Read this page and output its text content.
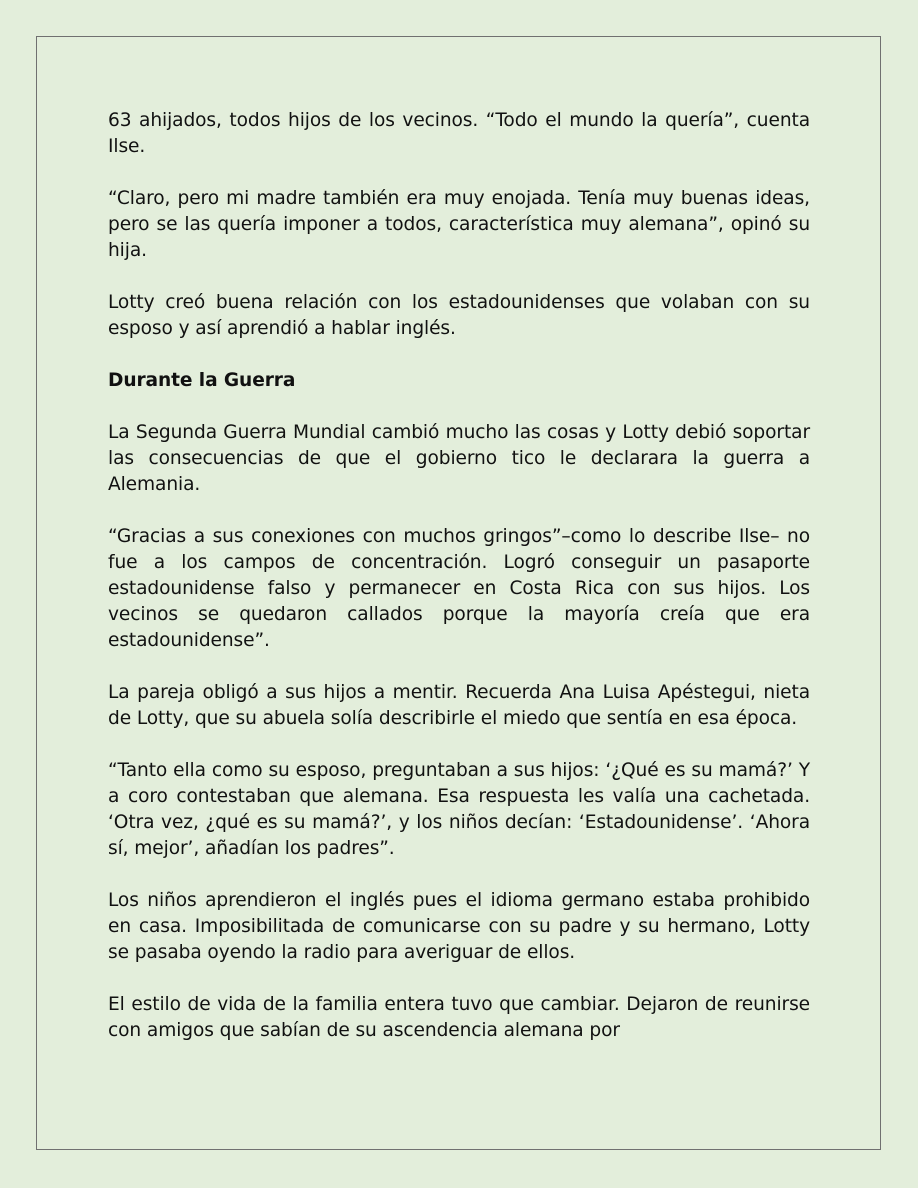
63 ahijados, todos hijos de los vecinos. “Todo el mundo la quería”, cuenta Ilse.

“Claro, pero mi madre también era muy enojada. Tenía muy buenas ideas, pero se las quería imponer a todos, característica muy alemana”, opinó su hija.

Lotty creó buena relación con los estadounidenses que volaban con su esposo y así aprendió a hablar inglés.

Durante la Guerra

La Segunda Guerra Mundial cambió mucho las cosas y Lotty debió soportar las consecuencias de que el gobierno tico le declarara la guerra a Alemania.

“Gracias a sus conexiones con muchos gringos”–como lo describe Ilse– no fue a los campos de concentración. Logró conseguir un pasaporte estadounidense falso y permanecer en Costa Rica con sus hijos. Los vecinos se quedaron callados porque la mayoría creía que era estadounidense”.

La pareja obligó a sus hijos a mentir. Recuerda Ana Luisa Apéstegui, nieta de Lotty, que su abuela solía describirle el miedo que sentía en esa época.

“Tanto ella como su esposo, preguntaban a sus hijos: ‘¿Qué es su mamá?’ Y a coro contestaban que alemana. Esa respuesta les valía una cachetada. ‘Otra vez, ¿qué es su mamá?’, y los niños decían: ‘Estadounidense’. ‘Ahora sí, mejor’, añadían los padres”.

Los niños aprendieron el inglés pues el idioma germano estaba prohibido en casa. Imposibilitada de comunicarse con su padre y su hermano, Lotty se pasaba oyendo la radio para averiguar de ellos.

El estilo de vida de la familia entera tuvo que cambiar. Dejaron de reunirse con amigos que sabían de su ascendencia alemana por
